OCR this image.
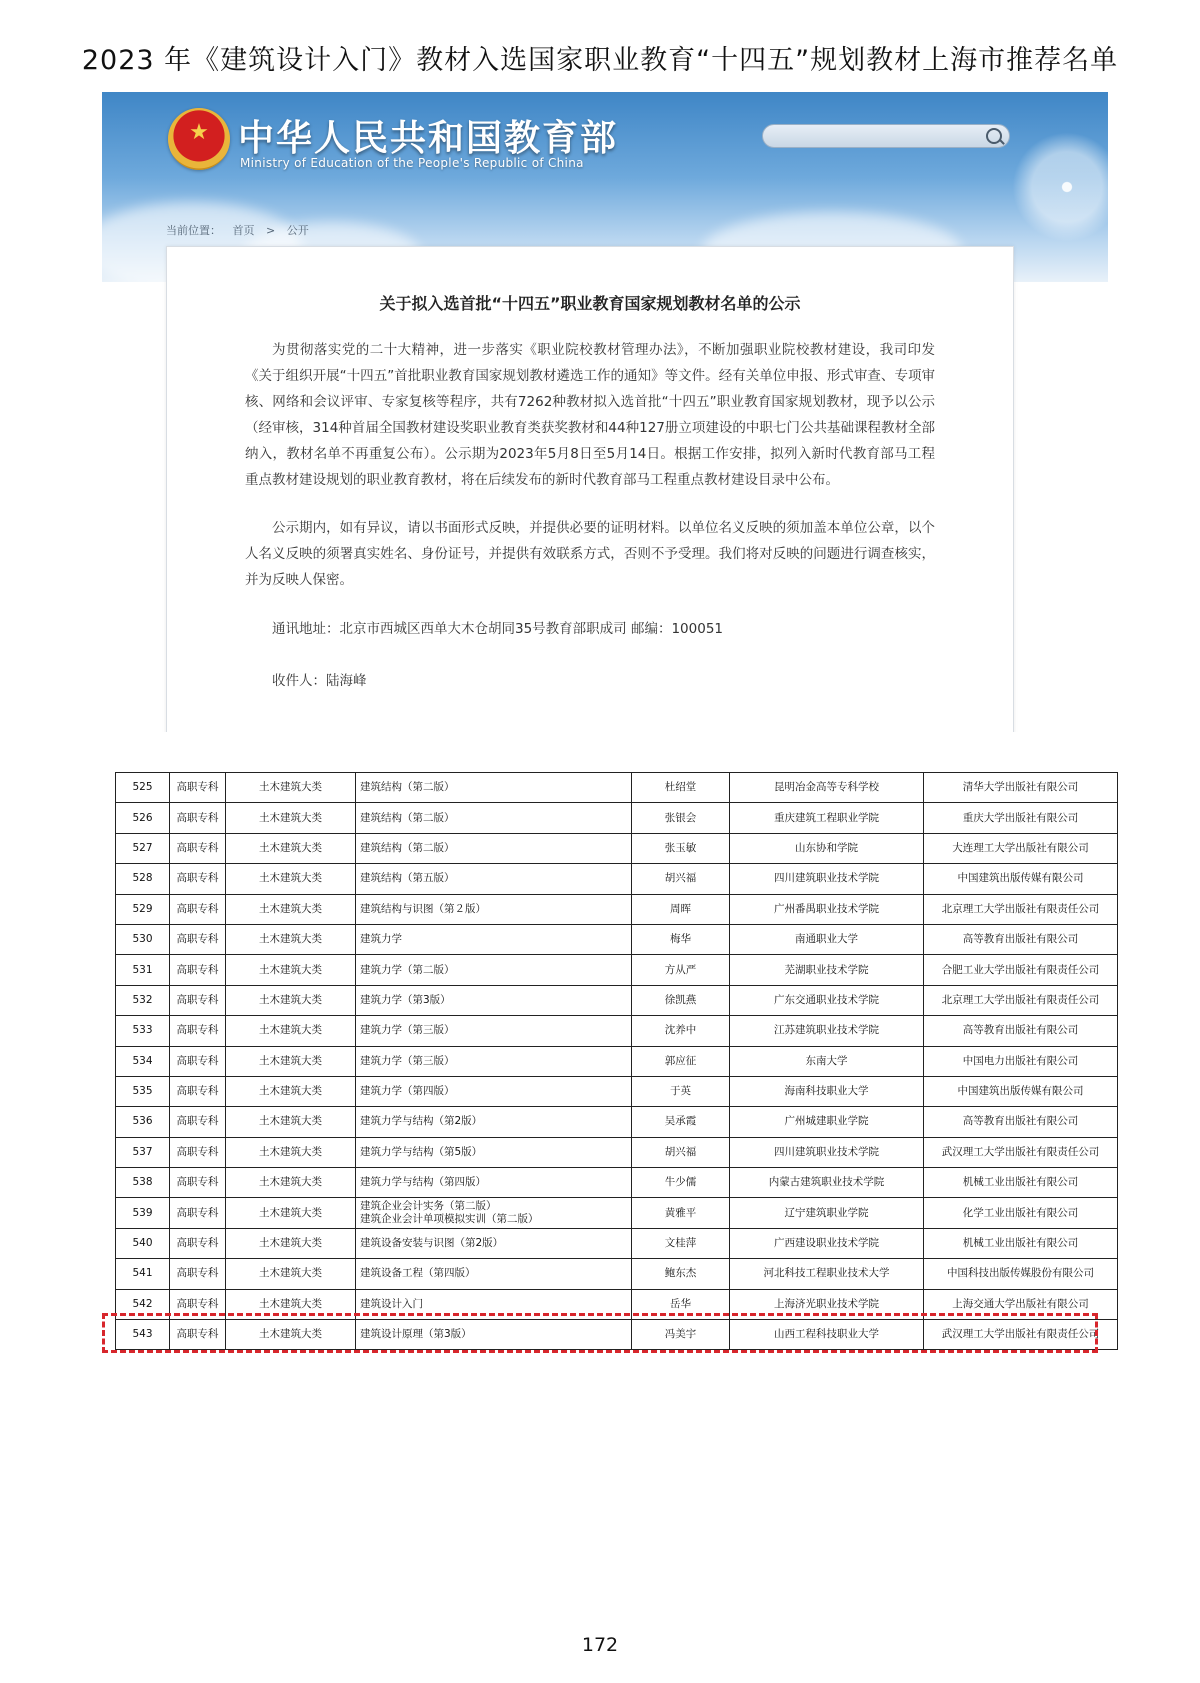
2023 年《建筑设计入门》教材入选国家职业教育“十四五”规划教材上海市推荐名单
★ 中华人民共和国教育部
Ministry of Education of the People's Republic of China
当前位置： 首页 > 公开
关于拟入选首批“十四五”职业教育国家规划教材名单的公示
为贯彻落实党的二十大精神，进一步落实《职业院校教材管理办法》，不断加强职业院校教材建设，我司印发《关于组织开展“十四五”首批职业教育国家规划教材遴选工作的通知》等文件。经有关单位申报、形式审查、专项审核、网络和会议评审、专家复核等程序，共有7262种教材拟入选首批“十四五”职业教育国家规划教材，现予以公示（经审核，314种首届全国教材建设奖职业教育类获奖教材和44种127册立项建设的中职七门公共基础课程教材全部纳入，教材名单不再重复公布）。公示期为2023年5月8日至5月14日。根据工作安排，拟列入新时代教育部马工程重点教材建设规划的职业教育教材，将在后续发布的新时代教育部马工程重点教材建设目录中公布。
公示期内，如有异议，请以书面形式反映，并提供必要的证明材料。以单位名义反映的须加盖本单位公章，以个人名义反映的须署真实姓名、身份证号，并提供有效联系方式，否则不予受理。我们将对反映的问题进行调查核实，并为反映人保密。
通讯地址：北京市西城区西单大木仓胡同35号教育部职成司 邮编：100051
收件人：陆海峰
525	高职专科	土木建筑大类	建筑结构（第二版）	杜绍堂	昆明冶金高等专科学校	清华大学出版社有限公司
526	高职专科	土木建筑大类	建筑结构（第二版）	张银会	重庆建筑工程职业学院	重庆大学出版社有限公司
527	高职专科	土木建筑大类	建筑结构（第二版）	张玉敏	山东协和学院	大连理工大学出版社有限公司
528	高职专科	土木建筑大类	建筑结构（第五版）	胡兴福	四川建筑职业技术学院	中国建筑出版传媒有限公司
529	高职专科	土木建筑大类	建筑结构与识图（第２版）	周晖	广州番禺职业技术学院	北京理工大学出版社有限责任公司
530	高职专科	土木建筑大类	建筑力学	梅华	南通职业大学	高等教育出版社有限公司
531	高职专科	土木建筑大类	建筑力学（第二版）	方从严	芜湖职业技术学院	合肥工业大学出版社有限责任公司
532	高职专科	土木建筑大类	建筑力学（第3版）	徐凯燕	广东交通职业技术学院	北京理工大学出版社有限责任公司
533	高职专科	土木建筑大类	建筑力学（第三版）	沈养中	江苏建筑职业技术学院	高等教育出版社有限公司
534	高职专科	土木建筑大类	建筑力学（第三版）	郭应征	东南大学	中国电力出版社有限公司
535	高职专科	土木建筑大类	建筑力学（第四版）	于英	海南科技职业大学	中国建筑出版传媒有限公司
536	高职专科	土木建筑大类	建筑力学与结构（第2版）	吴承霞	广州城建职业学院	高等教育出版社有限公司
537	高职专科	土木建筑大类	建筑力学与结构（第5版）	胡兴福	四川建筑职业技术学院	武汉理工大学出版社有限责任公司
538	高职专科	土木建筑大类	建筑力学与结构（第四版）	牛少儒	内蒙古建筑职业技术学院	机械工业出版社有限公司
539	高职专科	土木建筑大类	建筑企业会计实务（第二版）
建筑企业会计单项模拟实训（第二版）	黄雅平	辽宁建筑职业学院	化学工业出版社有限公司
540	高职专科	土木建筑大类	建筑设备安装与识图（第2版）	文桂萍	广西建设职业技术学院	机械工业出版社有限公司
541	高职专科	土木建筑大类	建筑设备工程（第四版）	鲍东杰	河北科技工程职业技术大学	中国科技出版传媒股份有限公司
542	高职专科	土木建筑大类	建筑设计入门	岳华	上海济光职业技术学院	上海交通大学出版社有限公司
543	高职专科	土木建筑大类	建筑设计原理（第3版）	冯美宇	山西工程科技职业大学	武汉理工大学出版社有限责任公司
172
